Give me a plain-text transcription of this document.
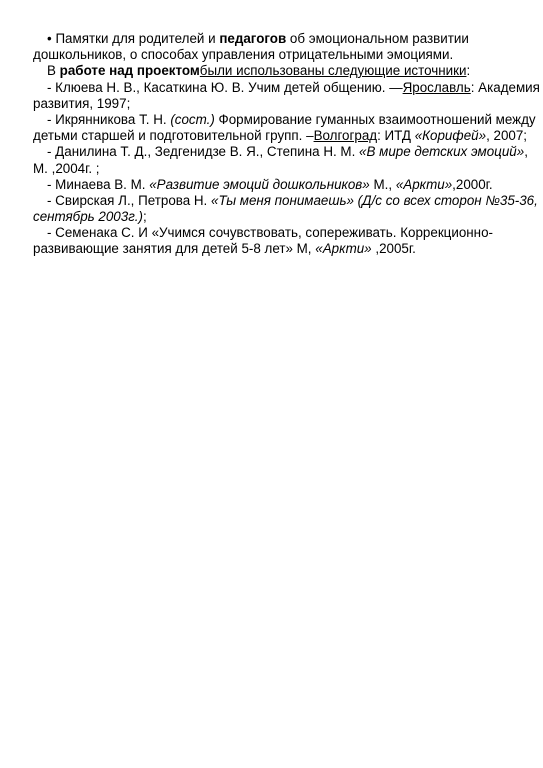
• Памятки для родителей и педагогов об эмоциональном развитии
дошкольников, о способах управления отрицательными эмоциями.
В работе над проектомбыли использованы следующие источники:
- Клюева Н. В., Касаткина Ю. В. Учим детей общению. —Ярославль: Академия
развития, 1997;
- Икрянникова Т. Н. (сост.) Формирование гуманных взаимоотношений между
детьми старшей и подготовительной групп. –Волгоград: ИТД «Корифей», 2007;
- Данилина Т. Д., Зедгенидзе В. Я., Степина Н. М. «В мире детских эмоций»,
М. ,2004г. ;
- Минаева В. М. «Развитие эмоций дошкольников» М., «Аркти»,2000г.
- Свирская Л., Петрова Н. «Ты меня понимаешь» (Д/с со всех сторон №35-36,
сентябрь 2003г.);
- Семенака С. И «Учимся сочувствовать, сопереживать. Коррекционно-
развивающие занятия для детей 5-8 лет» М, «Аркти» ,2005г.
